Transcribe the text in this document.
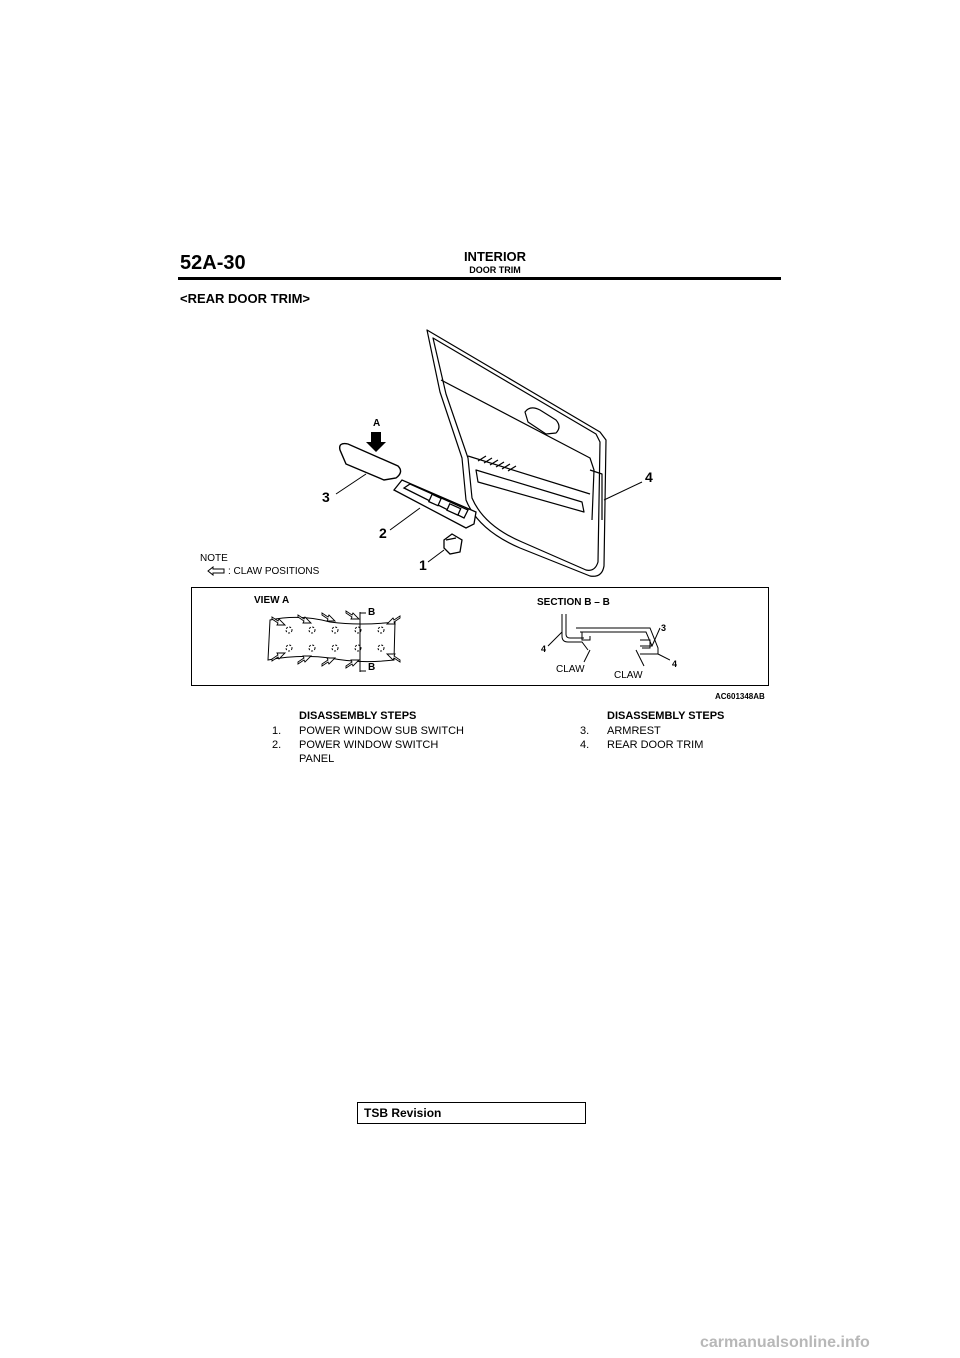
52A-30	INTERIOR
DOOR TRIM
<REAR DOOR TRIM>
A
3
2
1
4
NOTE
: CLAW POSITIONS
VIEW A	SECTION B – B
B
B
4
3
4
CLAW
CLAW
AC601348AB
DISASSEMBLY STEPS
1. POWER WINDOW SUB SWITCH
2. POWER WINDOW SWITCH
PANEL
DISASSEMBLY STEPS
3. ARMREST
4. REAR DOOR TRIM
TSB Revision
carmanualsonline.info
